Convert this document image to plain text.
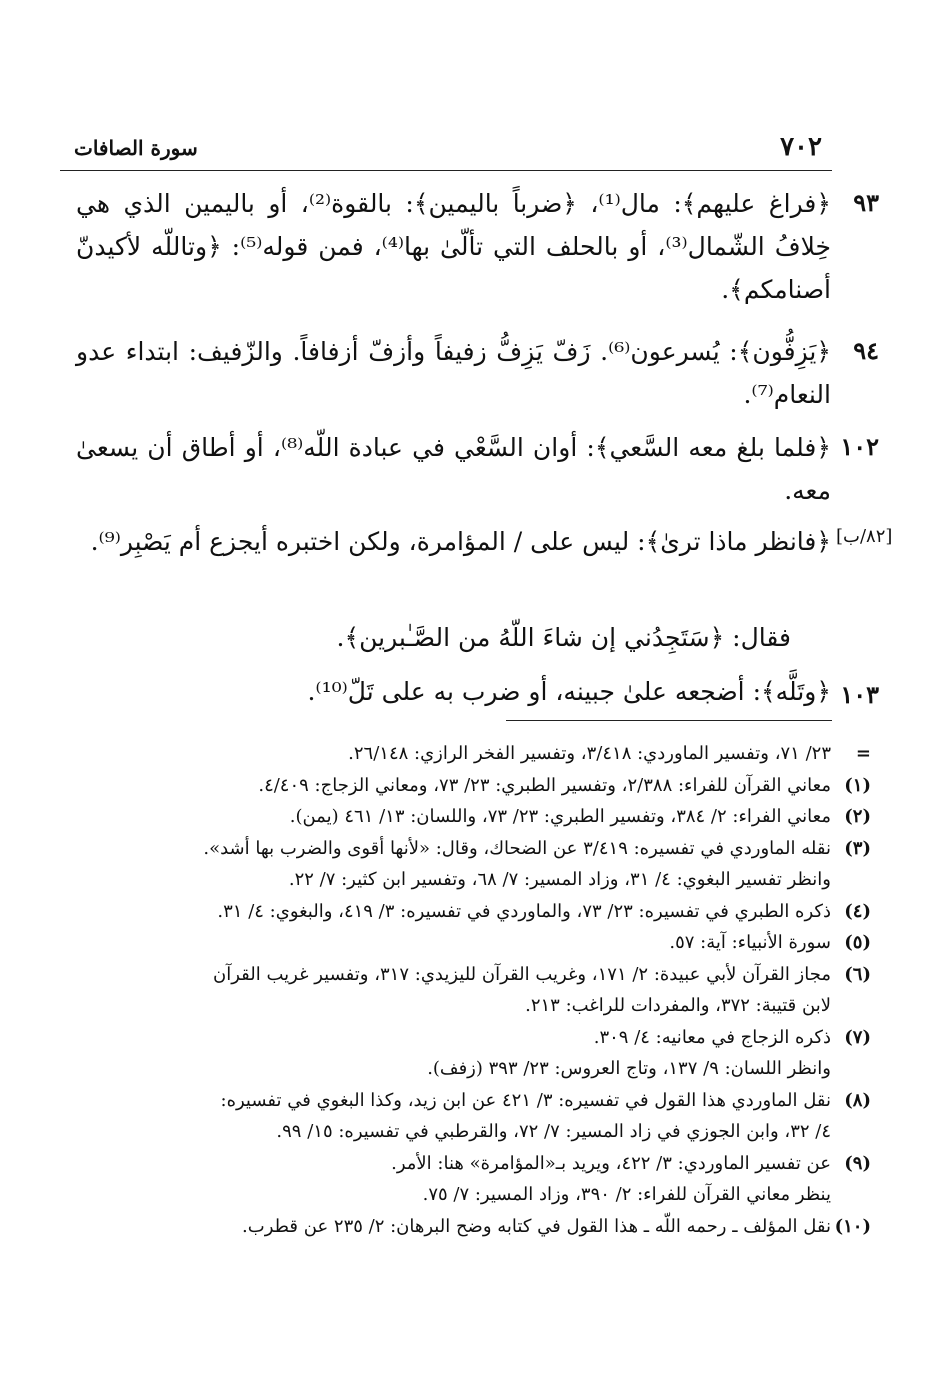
٧٠٢
سورة الصافات
٩٣
﴿فراغ عليهم﴾: مال⁽¹⁾، ﴿ضرباً باليمين﴾: بالقوة⁽²⁾، أو باليمين الذي هي خِلافُ الشّمال⁽³⁾، أو بالحلف التي تألّىٰ بها⁽⁴⁾، فمن قوله⁽⁵⁾: ﴿وتاللّه لأكيدنّ أصنامكم﴾.
٩٤
﴿يَزِفُّون﴾: يُسرعون⁽⁶⁾. زَفّ يَزِفُّ زفيفاً وأزفّ أزفافاً. والزّفيف: ابتداء عدو النعام⁽⁷⁾.
١٠٢
﴿فلما بلغ معه السَّعي﴾: أوان السَّعْي في عبادة اللّه⁽⁸⁾، أو أطاق أن يسعىٰ معه.
[٨٢/ب]
﴿فانظر ماذا ترىٰ﴾: ليس على / المؤامرة، ولكن اختبره أيجزع أم يَصْبِر⁽⁹⁾.
فقال: ﴿سَتَجِدُني إن شاءَ اللّهُ من الصَّـٰبرين﴾.
١٠٣
﴿وتَلَّه﴾: أضجعه علىٰ جبينه، أو ضرب به على تَلّ⁽¹⁰⁾.
=
٢٣/ ٧١، وتفسير الماوردي: ٣/٤١٨، وتفسير الفخر الرازي: ٢٦/١٤٨.
(١)
معاني القرآن للفراء: ٢/٣٨٨، وتفسير الطبري: ٢٣/ ٧٣، ومعاني الزجاج: ٤/٤٠٩.
(٢)
معاني الفراء: ٢/ ٣٨٤، وتفسير الطبري: ٢٣/ ٧٣، واللسان: ١٣/ ٤٦١ (يمن).
(٣)
نقله الماوردي في تفسيره: ٣/٤١٩ عن الضحاك، وقال: «لأنها أقوى والضرب بها أشد».
وانظر تفسير البغوي: ٤/ ٣١، وزاد المسير: ٧/ ٦٨، وتفسير ابن كثير: ٧/ ٢٢.
(٤)
ذكره الطبري في تفسيره: ٢٣/ ٧٣، والماوردي في تفسيره: ٣/ ٤١٩، والبغوي: ٤/ ٣١.
(٥)
سورة الأنبياء: آية: ٥٧.
(٦)
مجاز القرآن لأبي عبيدة: ٢/ ١٧١، وغريب القرآن لليزيدي: ٣١٧، وتفسير غريب القرآن
لابن قتيبة: ٣٧٢، والمفردات للراغب: ٢١٣.
(٧)
ذكره الزجاج في معانيه: ٤/ ٣٠٩.
وانظر اللسان: ٩/ ١٣٧، وتاج العروس: ٢٣/ ٣٩٣ (زفف).
(٨)
نقل الماوردي هذا القول في تفسيره: ٣/ ٤٢١ عن ابن زيد، وكذا البغوي في تفسيره:
٤/ ٣٢، وابن الجوزي في زاد المسير: ٧/ ٧٢، والقرطبي في تفسيره: ١٥/ ٩٩.
(٩)
عن تفسير الماوردي: ٣/ ٤٢٢، ويريد بـ«المؤامرة» هنا: الأمر.
ينظر معاني القرآن للفراء: ٢/ ٣٩٠، وزاد المسير: ٧/ ٧٥.
(١٠)
نقل المؤلف ـ رحمه اللّه ـ هذا القول في كتابه وضح البرهان: ٢/ ٢٣٥ عن قطرب.
